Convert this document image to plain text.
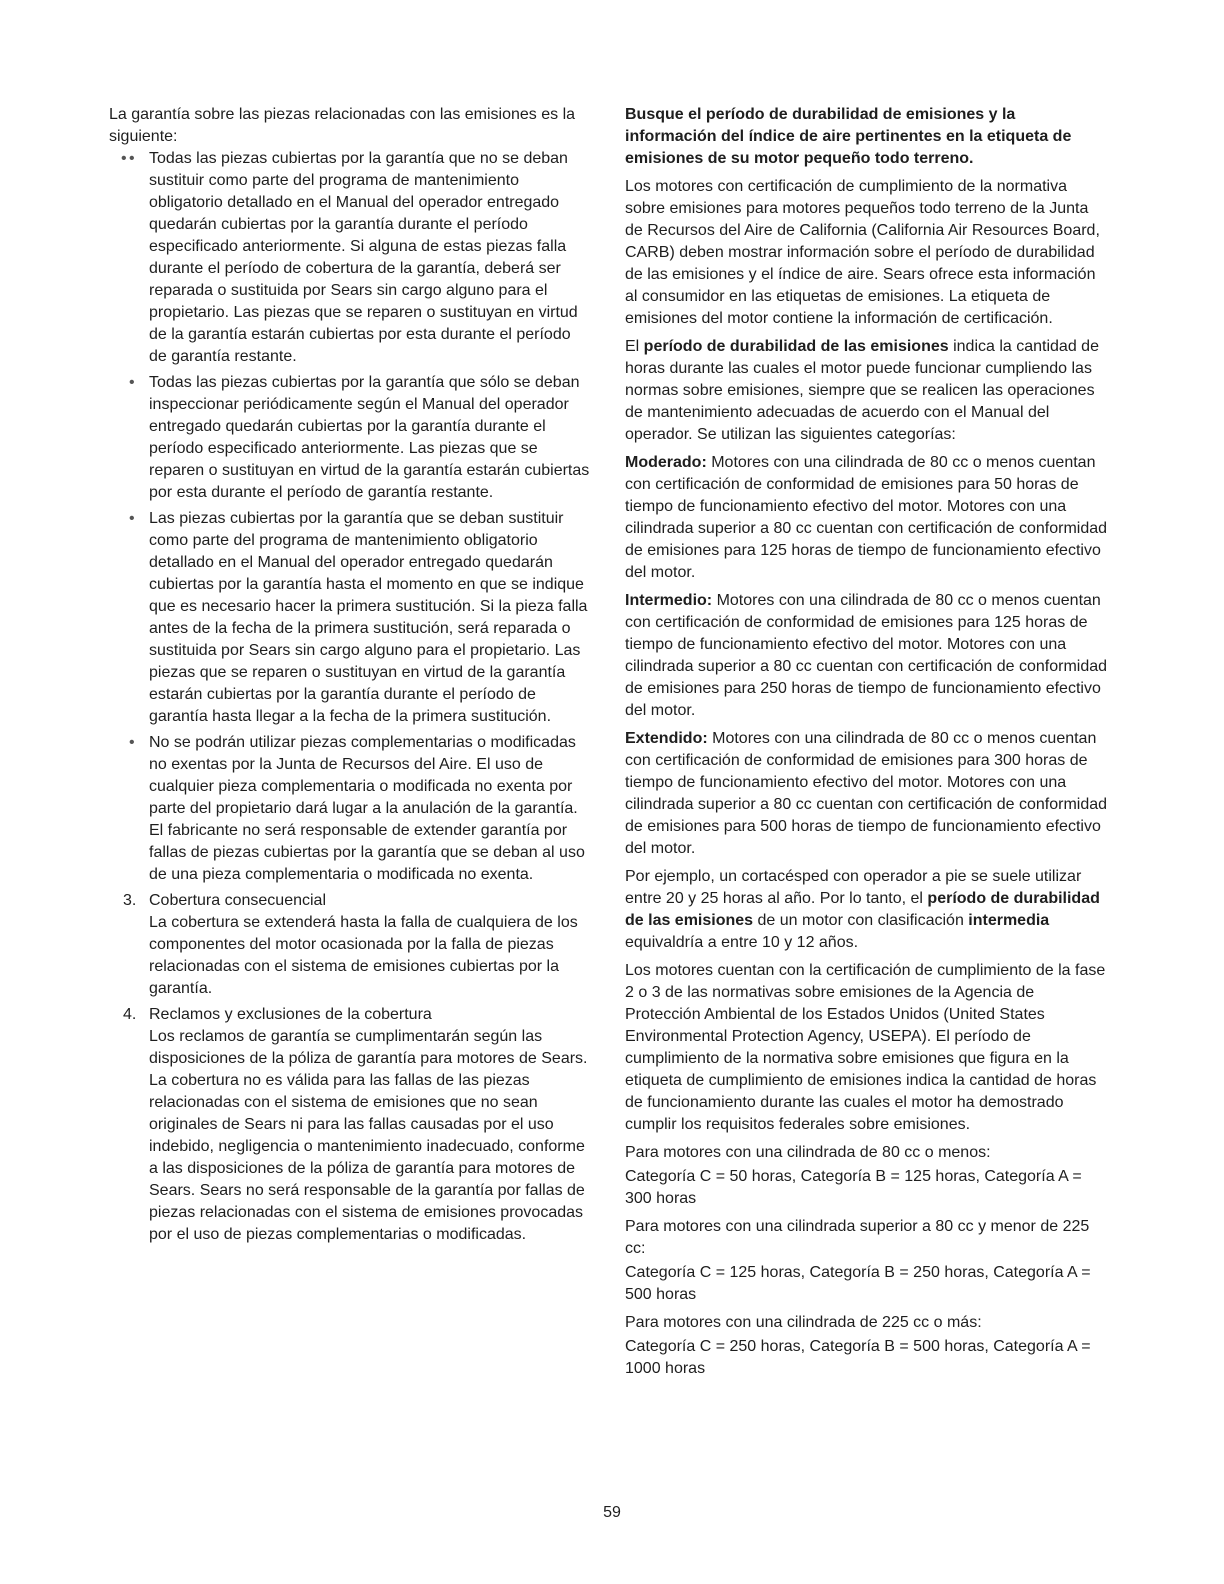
La garantía sobre las piezas relacionadas con las emisiones es la siguiente:

• Todas las piezas cubiertas por la garantía que no se deban sustituir como parte del programa de mantenimiento obligatorio detallado en el Manual del operador entregado quedarán cubiertas por la garantía durante el período especificado anteriormente. Si alguna de estas piezas falla durante el período de cobertura de la garantía, deberá ser reparada o sustituida por Sears sin cargo alguno para el propietario. Las piezas que se reparen o sustituyan en virtud de la garantía estarán cubiertas por esta durante el período de garantía restante.
• Todas las piezas cubiertas por la garantía que sólo se deban inspeccionar periódicamente según el Manual del operador entregado quedarán cubiertas por la garantía durante el período especificado anteriormente. Las piezas que se reparen o sustituyan en virtud de la garantía estarán cubiertas por esta durante el período de garantía restante.
• Las piezas cubiertas por la garantía que se deban sustituir como parte del programa de mantenimiento obligatorio detallado en el Manual del operador entregado quedarán cubiertas por la garantía hasta el momento en que se indique que es necesario hacer la primera sustitución. Si la pieza falla antes de la fecha de la primera sustitución, será reparada o sustituida por Sears sin cargo alguno para el propietario. Las piezas que se reparen o sustituyan en virtud de la garantía estarán cubiertas por la garantía durante el período de garantía hasta llegar a la fecha de la primera sustitución.
• No se podrán utilizar piezas complementarias o modificadas no exentas por la Junta de Recursos del Aire. El uso de cualquier pieza complementaria o modificada no exenta por parte del propietario dará lugar a la anulación de la garantía. El fabricante no será responsable de extender garantía por fallas de piezas cubiertas por la garantía que se deban al uso de una pieza complementaria o modificada no exenta.
3. Cobertura consecuencial

La cobertura se extenderá hasta la falla de cualquiera de los componentes del motor ocasionada por la falla de piezas relacionadas con el sistema de emisiones cubiertas por la garantía.

4. Reclamos y exclusiones de la cobertura

Los reclamos de garantía se cumplimentarán según las disposiciones de la póliza de garantía para motores de Sears. La cobertura no es válida para las fallas de las piezas relacionadas con el sistema de emisiones que no sean originales de Sears ni para las fallas causadas por el uso indebido, negligencia o mantenimiento inadecuado, conforme a las disposiciones de la póliza de garantía para motores de Sears. Sears no será responsable de la garantía por fallas de piezas relacionadas con el sistema de emisiones provocadas por el uso de piezas complementarias o modificadas.

Busque el período de durabilidad de emisiones y la información del índice de aire pertinentes en la etiqueta de emisiones de su motor pequeño todo terreno.

Los motores con certificación de cumplimiento de la normativa sobre emisiones para motores pequeños todo terreno de la Junta de Recursos del Aire de California (California Air Resources Board, CARB) deben mostrar información sobre el período de durabilidad de las emisiones y el índice de aire. Sears ofrece esta información al consumidor en las etiquetas de emisiones. La etiqueta de emisiones del motor contiene la información de certificación.

El período de durabilidad de las emisiones indica la cantidad de horas durante las cuales el motor puede funcionar cumpliendo las normas sobre emisiones, siempre que se realicen las operaciones de mantenimiento adecuadas de acuerdo con el Manual del operador. Se utilizan las siguientes categorías:

Moderado: Motores con una cilindrada de 80 cc o menos cuentan con certificación de conformidad de emisiones para 50 horas de tiempo de funcionamiento efectivo del motor. Motores con una cilindrada superior a 80 cc cuentan con certificación de conformidad de emisiones para 125 horas de tiempo de funcionamiento efectivo del motor.

Intermedio: Motores con una cilindrada de 80 cc o menos cuentan con certificación de conformidad de emisiones para 125 horas de tiempo de funcionamiento efectivo del motor. Motores con una cilindrada superior a 80 cc cuentan con certificación de conformidad de emisiones para 250 horas de tiempo de funcionamiento efectivo del motor.

Extendido: Motores con una cilindrada de 80 cc o menos cuentan con certificación de conformidad de emisiones para 300 horas de tiempo de funcionamiento efectivo del motor. Motores con una cilindrada superior a 80 cc cuentan con certificación de conformidad de emisiones para 500 horas de tiempo de funcionamiento efectivo del motor.

Por ejemplo, un cortacésped con operador a pie se suele utilizar entre 20 y 25 horas al año. Por lo tanto, el período de durabilidad de las emisiones de un motor con clasificación intermedia equivaldría a entre 10 y 12 años.

Los motores cuentan con la certificación de cumplimiento de la fase 2 o 3 de las normativas sobre emisiones de la Agencia de Protección Ambiental de los Estados Unidos (United States Environmental Protection Agency, USEPA). El período de cumplimiento de la normativa sobre emisiones que figura en la etiqueta de cumplimiento de emisiones indica la cantidad de horas de funcionamiento durante las cuales el motor ha demostrado cumplir los requisitos federales sobre emisiones.

Para motores con una cilindrada de 80 cc o menos:

Categoría C = 50 horas, Categoría B = 125 horas, Categoría A = 300 horas

Para motores con una cilindrada superior a 80 cc y menor de 225 cc:

Categoría C = 125 horas, Categoría B = 250 horas, Categoría A = 500 horas

Para motores con una cilindrada de 225 cc o más:

Categoría C = 250 horas, Categoría B = 500 horas, Categoría A = 1000 horas

59
